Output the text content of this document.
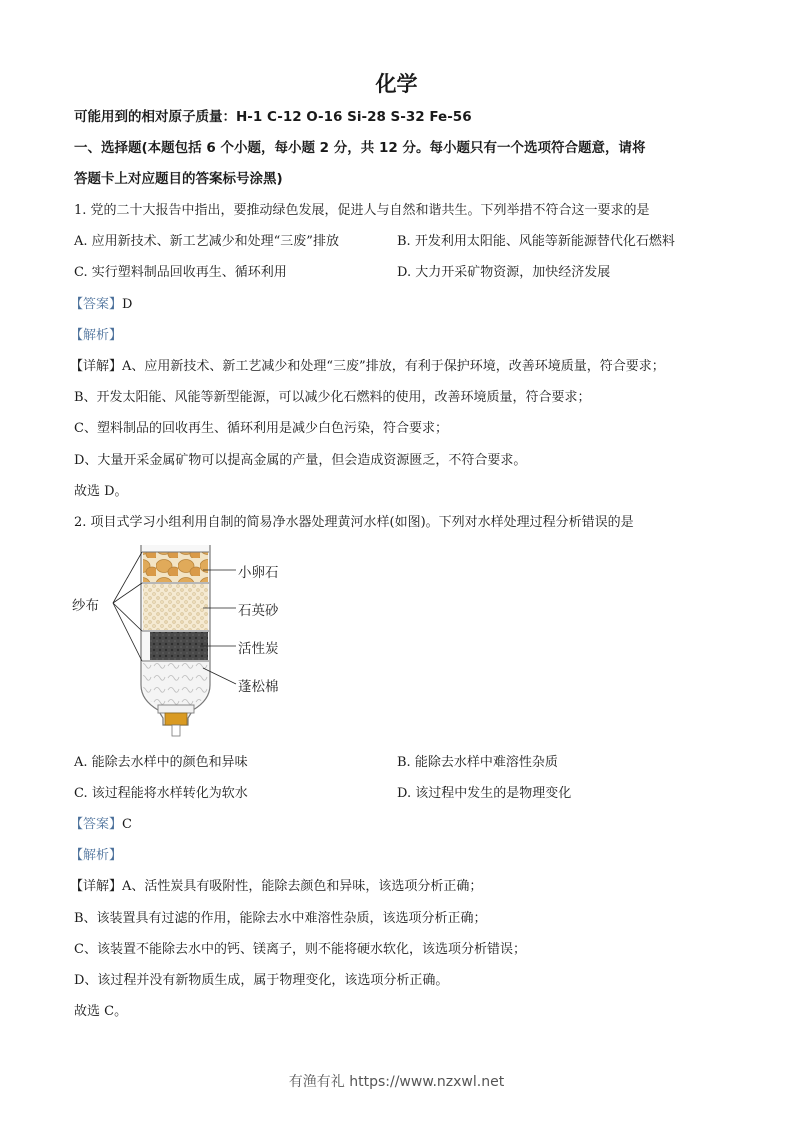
化学
可能用到的相对原子质量：H-1 C-12 O-16 Si-28 S-32 Fe-56
一、选择题(本题包括 6 个小题，每小题 2 分，共 12 分。每小题只有一个选项符合题意，请将
答题卡上对应题目的答案标号涂黑)
1. 党的二十大报告中指出，要推动绿色发展，促进人与自然和谐共生。下列举措不符合这一要求的是
A. 应用新技术、新工艺减少和处理“三废”排放	B. 开发利用太阳能、风能等新能源替代化石燃料
C. 实行塑料制品回收再生、循环利用	D. 大力开采矿物资源，加快经济发展
【答案】D
【解析】
【详解】A、应用新技术、新工艺减少和处理“三废”排放，有利于保护环境，改善环境质量，符合要求；
B、开发太阳能、风能等新型能源，可以减少化石燃料的使用，改善环境质量，符合要求；
C、塑料制品的回收再生、循环利用是减少白色污染，符合要求；
D、大量开采金属矿物可以提高金属的产量，但会造成资源匮乏，不符合要求。
故选 D。
2. 项目式学习小组利用自制的简易净水器处理黄河水样(如图)。下列对水样处理过程分析错误的是
纱布
小卵石
石英砂
活性炭
蓬松棉
A. 能除去水样中的颜色和异味	B. 能除去水样中难溶性杂质
C. 该过程能将水样转化为软水	D. 该过程中发生的是物理变化
【答案】C
【解析】
【详解】A、活性炭具有吸附性，能除去颜色和异味，该选项分析正确；
B、该装置具有过滤的作用，能除去水中难溶性杂质，该选项分析正确；
C、该装置不能除去水中的钙、镁离子，则不能将硬水软化，该选项分析错误；
D、该过程并没有新物质生成，属于物理变化，该选项分析正确。
故选 C。
有渔有礼 https://www.nzxwl.net
